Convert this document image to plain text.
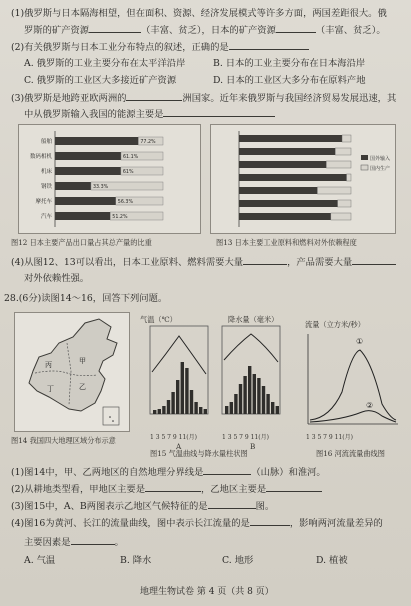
(1)俄罗斯与日本隔海相望，但在面积、资源、经济发展模式等许多方面，两国差距很大。俄
罗斯的矿产资源	（丰富、贫乏），日本的矿产资源	（丰富、贫乏）。
(2)有关俄罗斯与日本工业分布特点的叙述，正确的是
A. 俄罗斯的工业主要分布在太平洋沿岸	B. 日本的工业主要分布在日本海沿岸
C. 俄罗斯的工业区大多接近矿产资源	D. 日本的工业区大多分布在原料产地
(3)俄罗斯是地跨亚欧两洲的	洲国家。近年来俄罗斯与我国经济贸易发展迅速，其
中从俄罗斯输入我国的能源主要是
船舶	77.2%
数码相机	61.1%
机床	61%
钢铁	33.3%
摩托车	56.3%
汽车	51.2%
图12 日本主要产品出口量占其总产量的比重
国外输入
国内生产
图13 日本主要工业原料和燃料对外依赖程度
(4)从图12、13可以看出，日本工业原料、燃料需要大量	，产品需要大量
对外依赖性强。
28.(6分)读图14～16，回答下列问题。
甲
乙
丙
丁
图14 我国四大地理区域分布示意
气温（℃）	降水量（毫米）
1 3 5 7 9 11(月)	1 3 5 7 9 11(月)
A	B
图15 气温曲线与降水量柱状图
流量（立方米/秒）
①
②
1 3 5 7 9 11(月)
图16 河流流量曲线图
(1)图14中，甲、乙两地区的自然地理分界线是	（山脉）和淮河。
(2)从耕地类型看，甲地区主要是	，乙地区主要是
(3)图15中，A、B两图表示乙地区气候特征的是	图。
(4)图16为黄河、长江的流量曲线，图中表示长江流量的是	，影响两河流量差异的
主要因素是	。
A. 气温	B. 降水	C. 地形	D. 植被
地理生物试卷 第 4 页（共 8 页）
